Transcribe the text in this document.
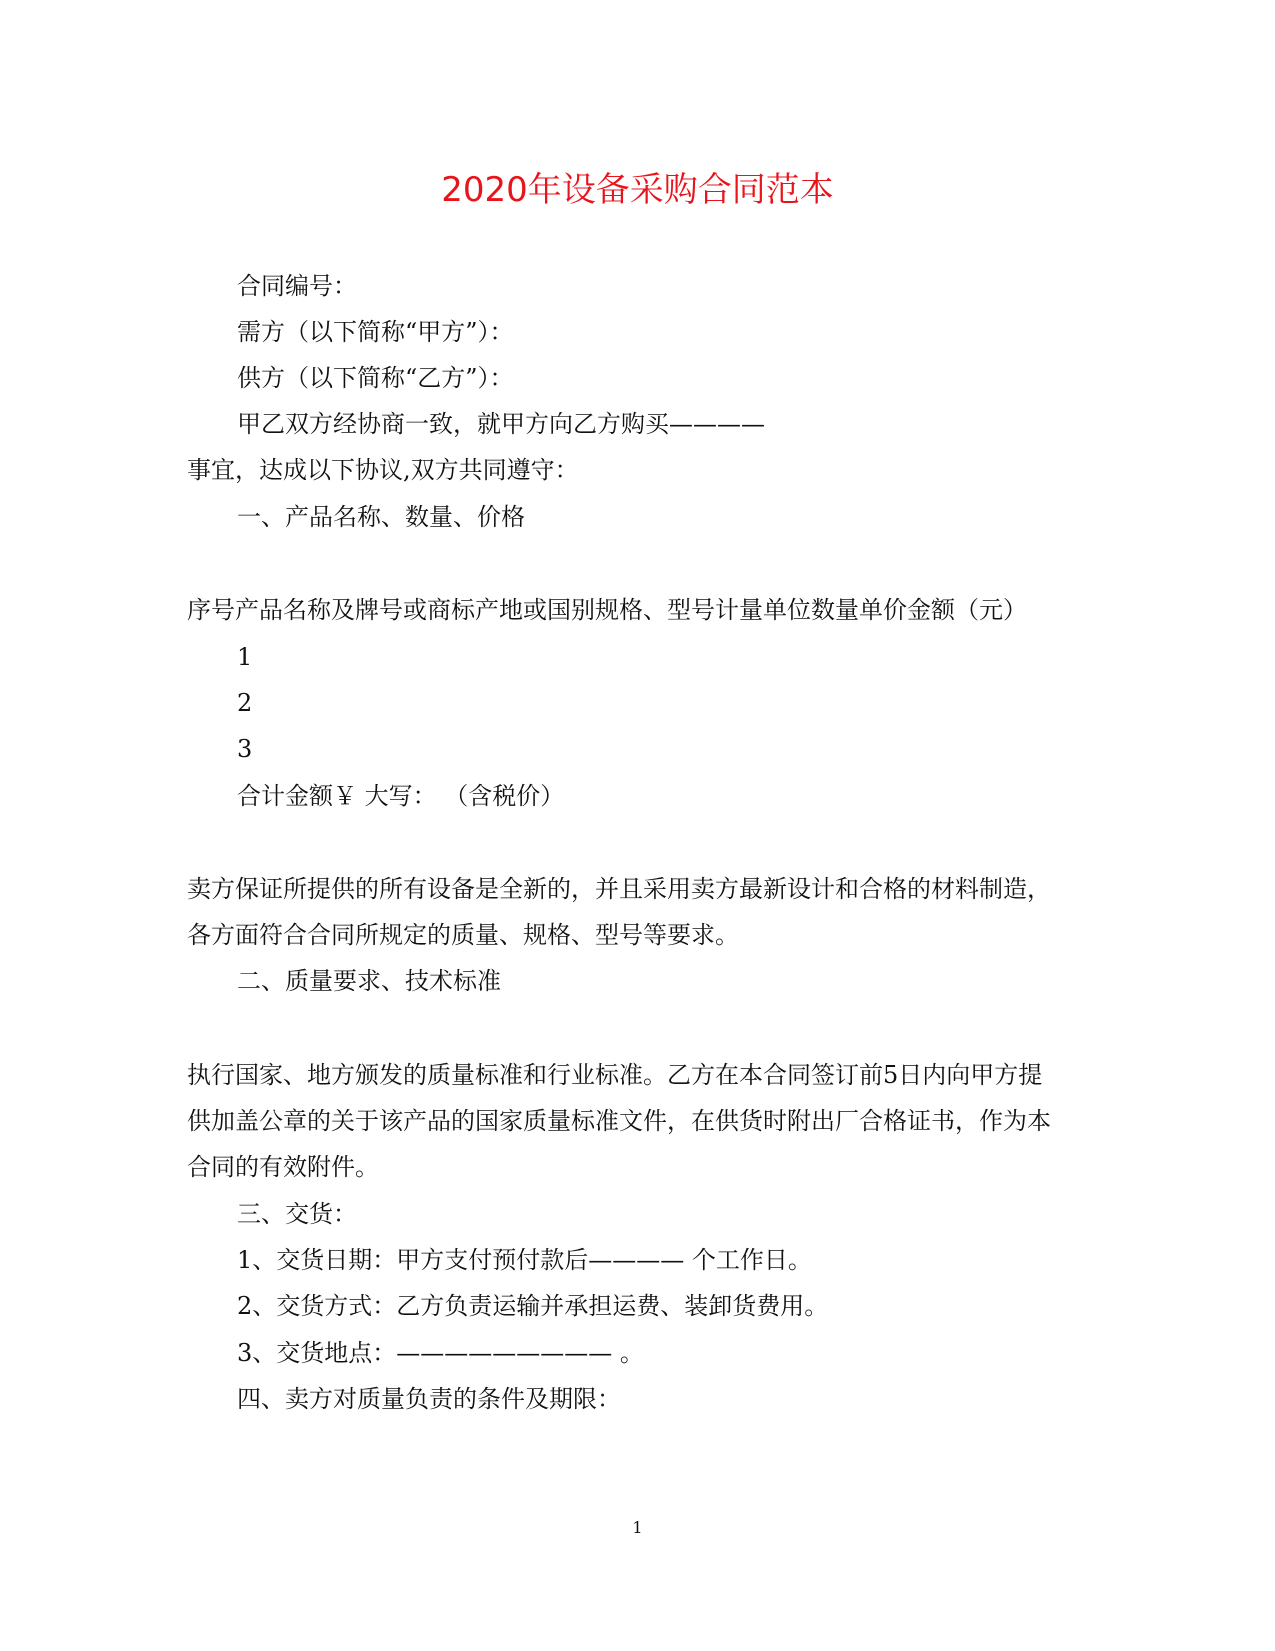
2020年设备采购合同范本
合同编号：
需方（以下简称“甲方”）：
供方（以下简称“乙方”）：
甲乙双方经协商一致，就甲方向乙方购买————
事宜，达成以下协议,双方共同遵守：
一、产品名称、数量、价格
序号产品名称及牌号或商标产地或国别规格、型号计量单位数量单价金额（元）
1
2
3
合计金额￥ 大写： （含税价）
卖方保证所提供的所有设备是全新的，并且采用卖方最新设计和合格的材料制造，
各方面符合合同所规定的质量、规格、型号等要求。
二、质量要求、技术标准
执行国家、地方颁发的质量标准和行业标准。乙方在本合同签订前5日内向甲方提
供加盖公章的关于该产品的国家质量标准文件，在供货时附出厂合格证书，作为本
合同的有效附件。
三、交货：
1、交货日期：甲方支付预付款后———— 个工作日。
2、交货方式：乙方负责运输并承担运费、装卸货费用。
3、交货地点：————————— 。
四、卖方对质量负责的条件及期限：
1
